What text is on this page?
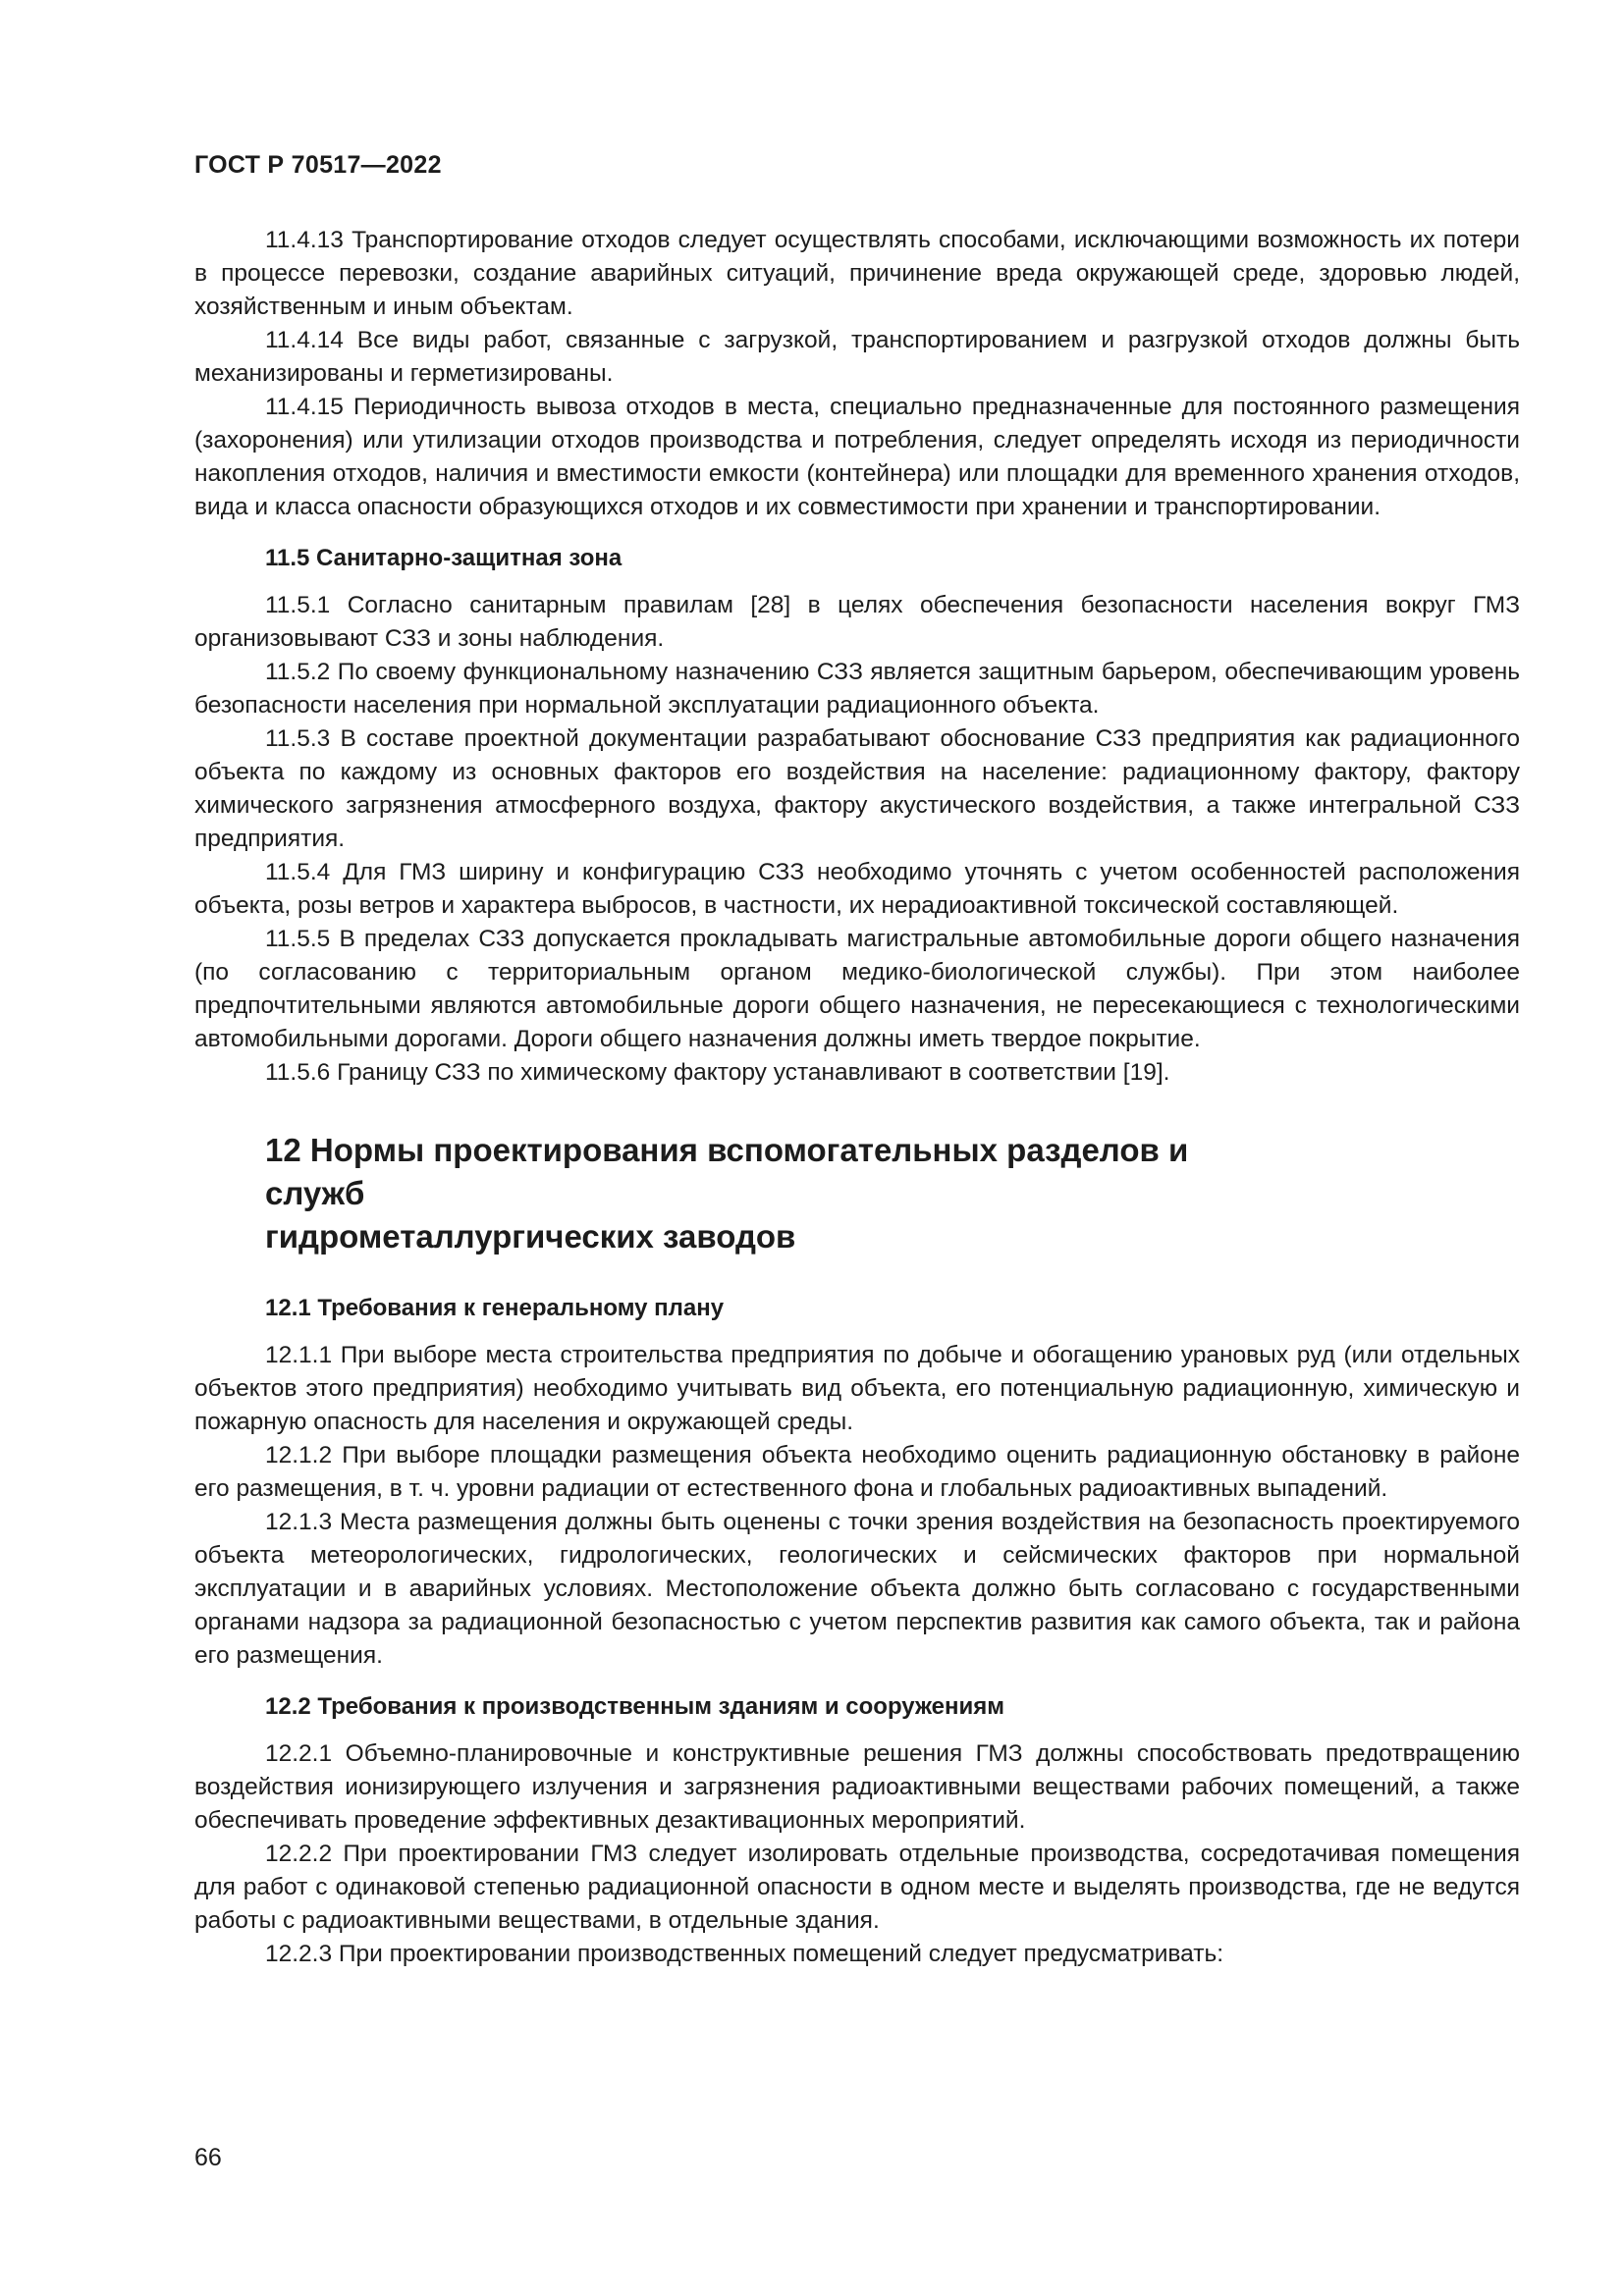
ГОСТ Р 70517—2022

11.4.13 Транспортирование отходов следует осуществлять способами, исключающими возможность их потери в процессе перевозки, создание аварийных ситуаций, причинение вреда окружающей среде, здоровью людей, хозяйственным и иным объектам.

11.4.14 Все виды работ, связанные с загрузкой, транспортированием и разгрузкой отходов должны быть механизированы и герметизированы.

11.4.15 Периодичность вывоза отходов в места, специально предназначенные для постоянного размещения (захоронения) или утилизации отходов производства и потребления, следует определять исходя из периодичности накопления отходов, наличия и вместимости емкости (контейнера) или площадки для временного хранения отходов, вида и класса опасности образующихся отходов и их совместимости при хранении и транспортировании.

11.5 Санитарно-защитная зона

11.5.1 Согласно санитарным правилам [28] в целях обеспечения безопасности населения вокруг ГМЗ организовывают СЗЗ и зоны наблюдения.

11.5.2 По своему функциональному назначению СЗЗ является защитным барьером, обеспечивающим уровень безопасности населения при нормальной эксплуатации радиационного объекта.

11.5.3 В составе проектной документации разрабатывают обоснование СЗЗ предприятия как радиационного объекта по каждому из основных факторов его воздействия на население: радиационному фактору, фактору химического загрязнения атмосферного воздуха, фактору акустического воздействия, а также интегральной СЗЗ предприятия.

11.5.4 Для ГМЗ ширину и конфигурацию СЗЗ необходимо уточнять с учетом особенностей расположения объекта, розы ветров и характера выбросов, в частности, их нерадиоактивной токсической составляющей.

11.5.5 В пределах СЗЗ допускается прокладывать магистральные автомобильные дороги общего назначения (по согласованию с территориальным органом медико-биологической службы). При этом наиболее предпочтительными являются автомобильные дороги общего назначения, не пересекающиеся с технологическими автомобильными дорогами. Дороги общего назначения должны иметь твердое покрытие.

11.5.6 Границу СЗЗ по химическому фактору устанавливают в соответствии [19].

12 Нормы проектирования вспомогательных разделов и служб
гидрометаллургических заводов

12.1 Требования к генеральному плану

12.1.1 При выборе места строительства предприятия по добыче и обогащению урановых руд (или отдельных объектов этого предприятия) необходимо учитывать вид объекта, его потенциальную радиационную, химическую и пожарную опасность для населения и окружающей среды.

12.1.2 При выборе площадки размещения объекта необходимо оценить радиационную обстановку в районе его размещения, в т. ч. уровни радиации от естественного фона и глобальных радиоактивных выпадений.

12.1.3 Места размещения должны быть оценены с точки зрения воздействия на безопасность проектируемого объекта метеорологических, гидрологических, геологических и сейсмических факторов при нормальной эксплуатации и в аварийных условиях. Местоположение объекта должно быть согласовано с государственными органами надзора за радиационной безопасностью с учетом перспектив развития как самого объекта, так и района его размещения.

12.2 Требования к производственным зданиям и сооружениям

12.2.1 Объемно-планировочные и конструктивные решения ГМЗ должны способствовать предотвращению воздействия ионизирующего излучения и загрязнения радиоактивными веществами рабочих помещений, а также обеспечивать проведение эффективных дезактивационных мероприятий.

12.2.2 При проектировании ГМЗ следует изолировать отдельные производства, сосредотачивая помещения для работ с одинаковой степенью радиационной опасности в одном месте и выделять производства, где не ведутся работы с радиоактивными веществами, в отдельные здания.

12.2.3 При проектировании производственных помещений следует предусматривать:

66
